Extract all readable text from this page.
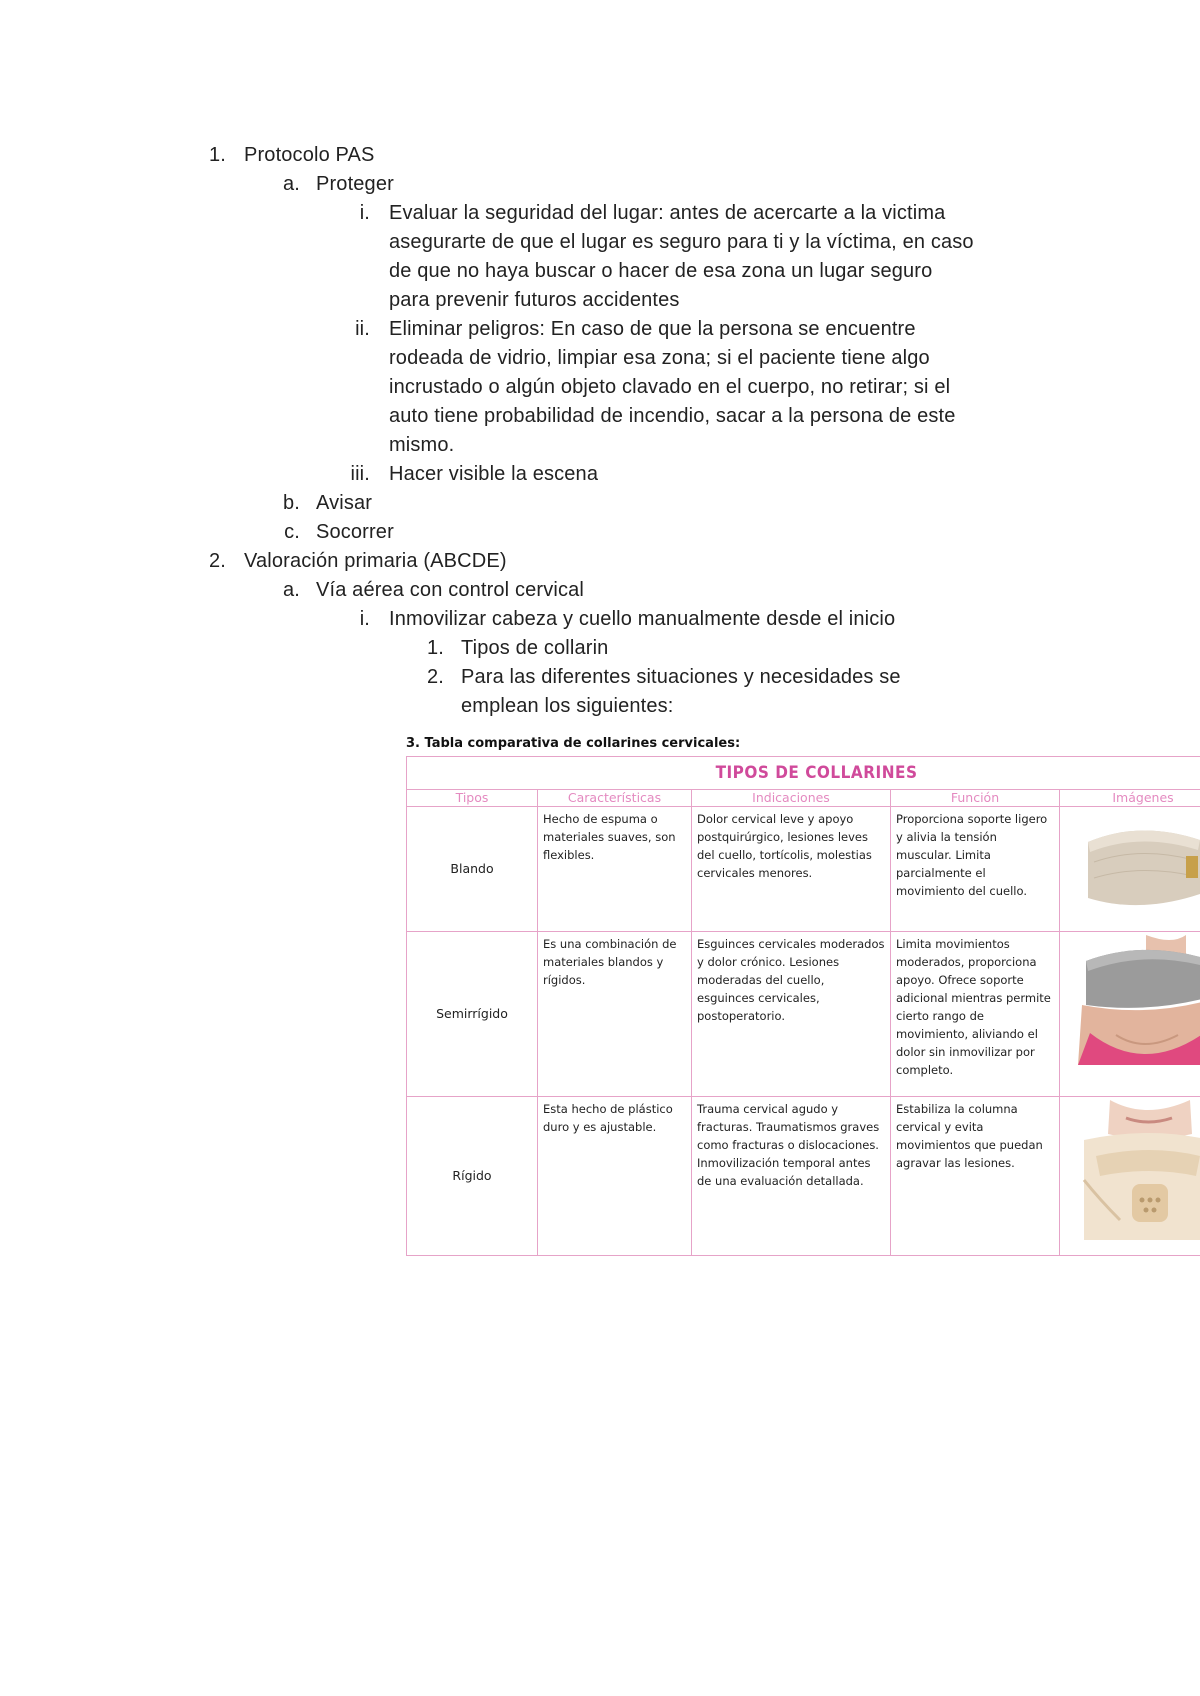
1. Protocolo PAS
a. Proteger
i. Evaluar la seguridad del lugar: antes de acercarte a la victima
asegurarte de que el lugar es seguro para ti y la víctima, en caso
de que no haya buscar o hacer de esa zona un lugar seguro
para prevenir futuros accidentes
ii. Eliminar peligros: En caso de que la persona se encuentre
rodeada de vidrio, limpiar esa zona; si el paciente tiene algo
incrustado o algún objeto clavado en el cuerpo, no retirar; si el
auto tiene probabilidad de incendio, sacar a la persona de este
mismo.
iii. Hacer visible la escena
b. Avisar
c. Socorrer
2. Valoración primaria (ABCDE)
a. Vía aérea con control cervical
i. Inmovilizar cabeza y cuello manualmente desde el inicio
1. Tipos de collarin
2. Para las diferentes situaciones y necesidades se
emplean los siguientes:
3. Tabla comparativa de collarines cervicales:
TIPOS DE COLLARINES				
Tipos	Características	Indicaciones	Función	Imágenes
Blando	Hecho de espuma o materiales suaves, son flexibles.	Dolor cervical leve y apoyo postquirúrgico, lesiones leves del cuello, tortícolis, molestias cervicales menores.	Proporciona soporte ligero y alivia la tensión muscular. Limita parcialmente el movimiento del cuello.	

Semirrígido	Es una combinación de materiales blandos y rígidos.	Esguinces cervicales moderados y dolor crónico. Lesiones moderadas del cuello, esguinces cervicales, postoperatorio.	Limita movimientos moderados, proporciona apoyo. Ofrece soporte adicional mientras permite cierto rango de movimiento, aliviando el dolor sin inmovilizar por completo.	

Rígido	Esta hecho de plástico duro y es ajustable.	Trauma cervical agudo y fracturas. Traumatismos graves como fracturas o dislocaciones. Inmovilización temporal antes de una evaluación detallada.	Estabiliza la columna cervical y evita movimientos que puedan agravar las lesiones.	
